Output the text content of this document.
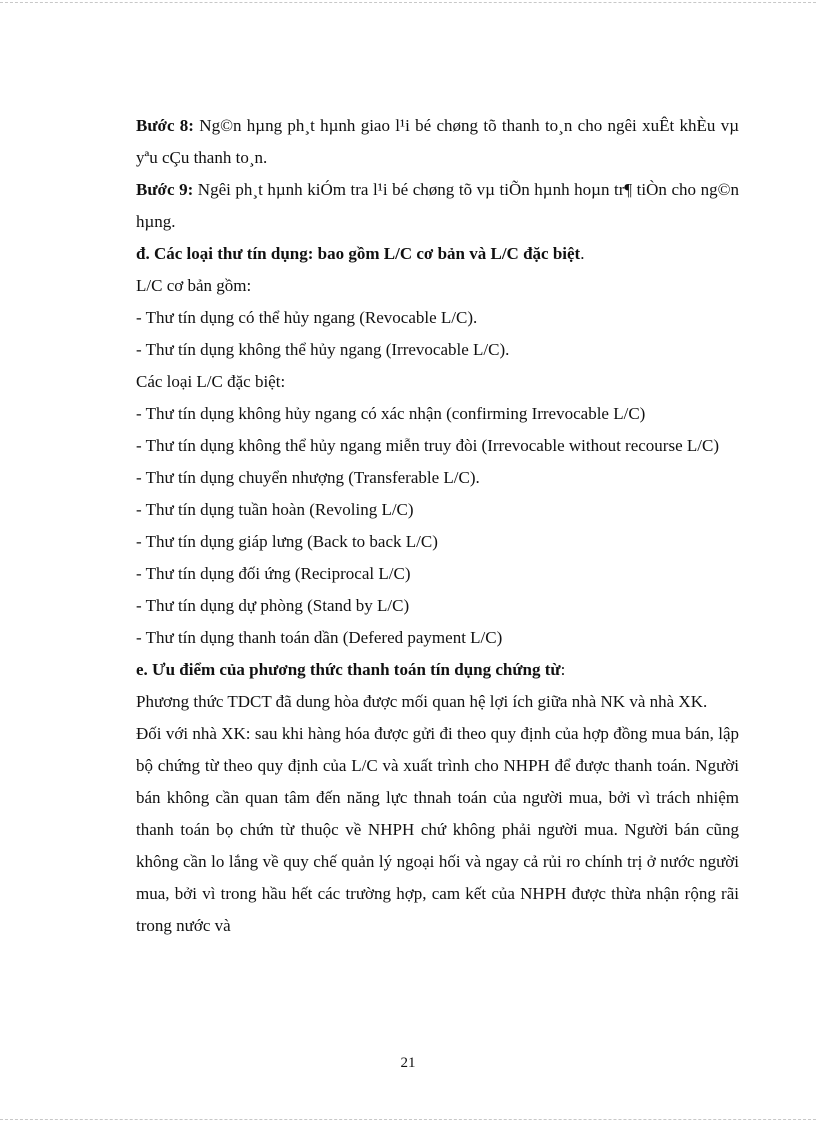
Bước 8: Ng©n hµng ph¸t hµnh giao l¹i bé chøng tõ thanh to¸n cho ngêi xuÊt khÈu vµ yªu cÇu thanh to¸n.

Bước 9: Ngêi ph¸t hµnh kiÓm tra l¹i bé chøng tõ vµ tiÕn hµnh hoµn tr¶ tiÒn cho ng©n hµng.

đ. Các loại thư tín dụng: bao gồm L/C cơ bản và L/C đặc biệt.

L/C cơ bản gồm:

- Thư tín dụng có thể hủy ngang (Revocable L/C).

- Thư tín dụng không thể hủy ngang (Irrevocable L/C).

Các loại L/C đặc biệt:

- Thư tín dụng không hủy ngang có xác nhận (confirming Irrevocable L/C)

- Thư tín dụng không thể hủy ngang miễn truy đòi (Irrevocable without recourse L/C)

- Thư tín dụng chuyển nhượng (Transferable L/C).

- Thư tín dụng tuần hoàn (Revoling L/C)

- Thư tín dụng giáp lưng (Back to back L/C)

- Thư tín dụng đối ứng (Reciprocal L/C)

- Thư tín dụng dự phòng (Stand by L/C)

- Thư tín dụng thanh toán dần (Defered payment L/C)

e. Ưu điểm của phương thức thanh toán tín dụng chứng từ:

Phương thức TDCT đã dung hòa được mối quan hệ lợi ích giữa nhà NK và nhà XK.

Đối với nhà XK: sau khi hàng hóa được gửi đi theo quy định của hợp đồng mua bán, lập bộ chứng từ theo quy định của L/C và xuất trình cho NHPH để được thanh toán. Người bán không cần quan tâm đến năng lực thnah toán của người mua, bởi vì trách nhiệm thanh toán bọ chứn từ thuộc về NHPH chứ không phải người mua. Người bán cũng không cần lo lắng về quy chế quản lý ngoại hối và ngay cả rủi ro chính trị ở nước người mua, bởi vì trong hầu hết các trường hợp, cam kết của NHPH được thừa nhận rộng rãi trong nước và

21
